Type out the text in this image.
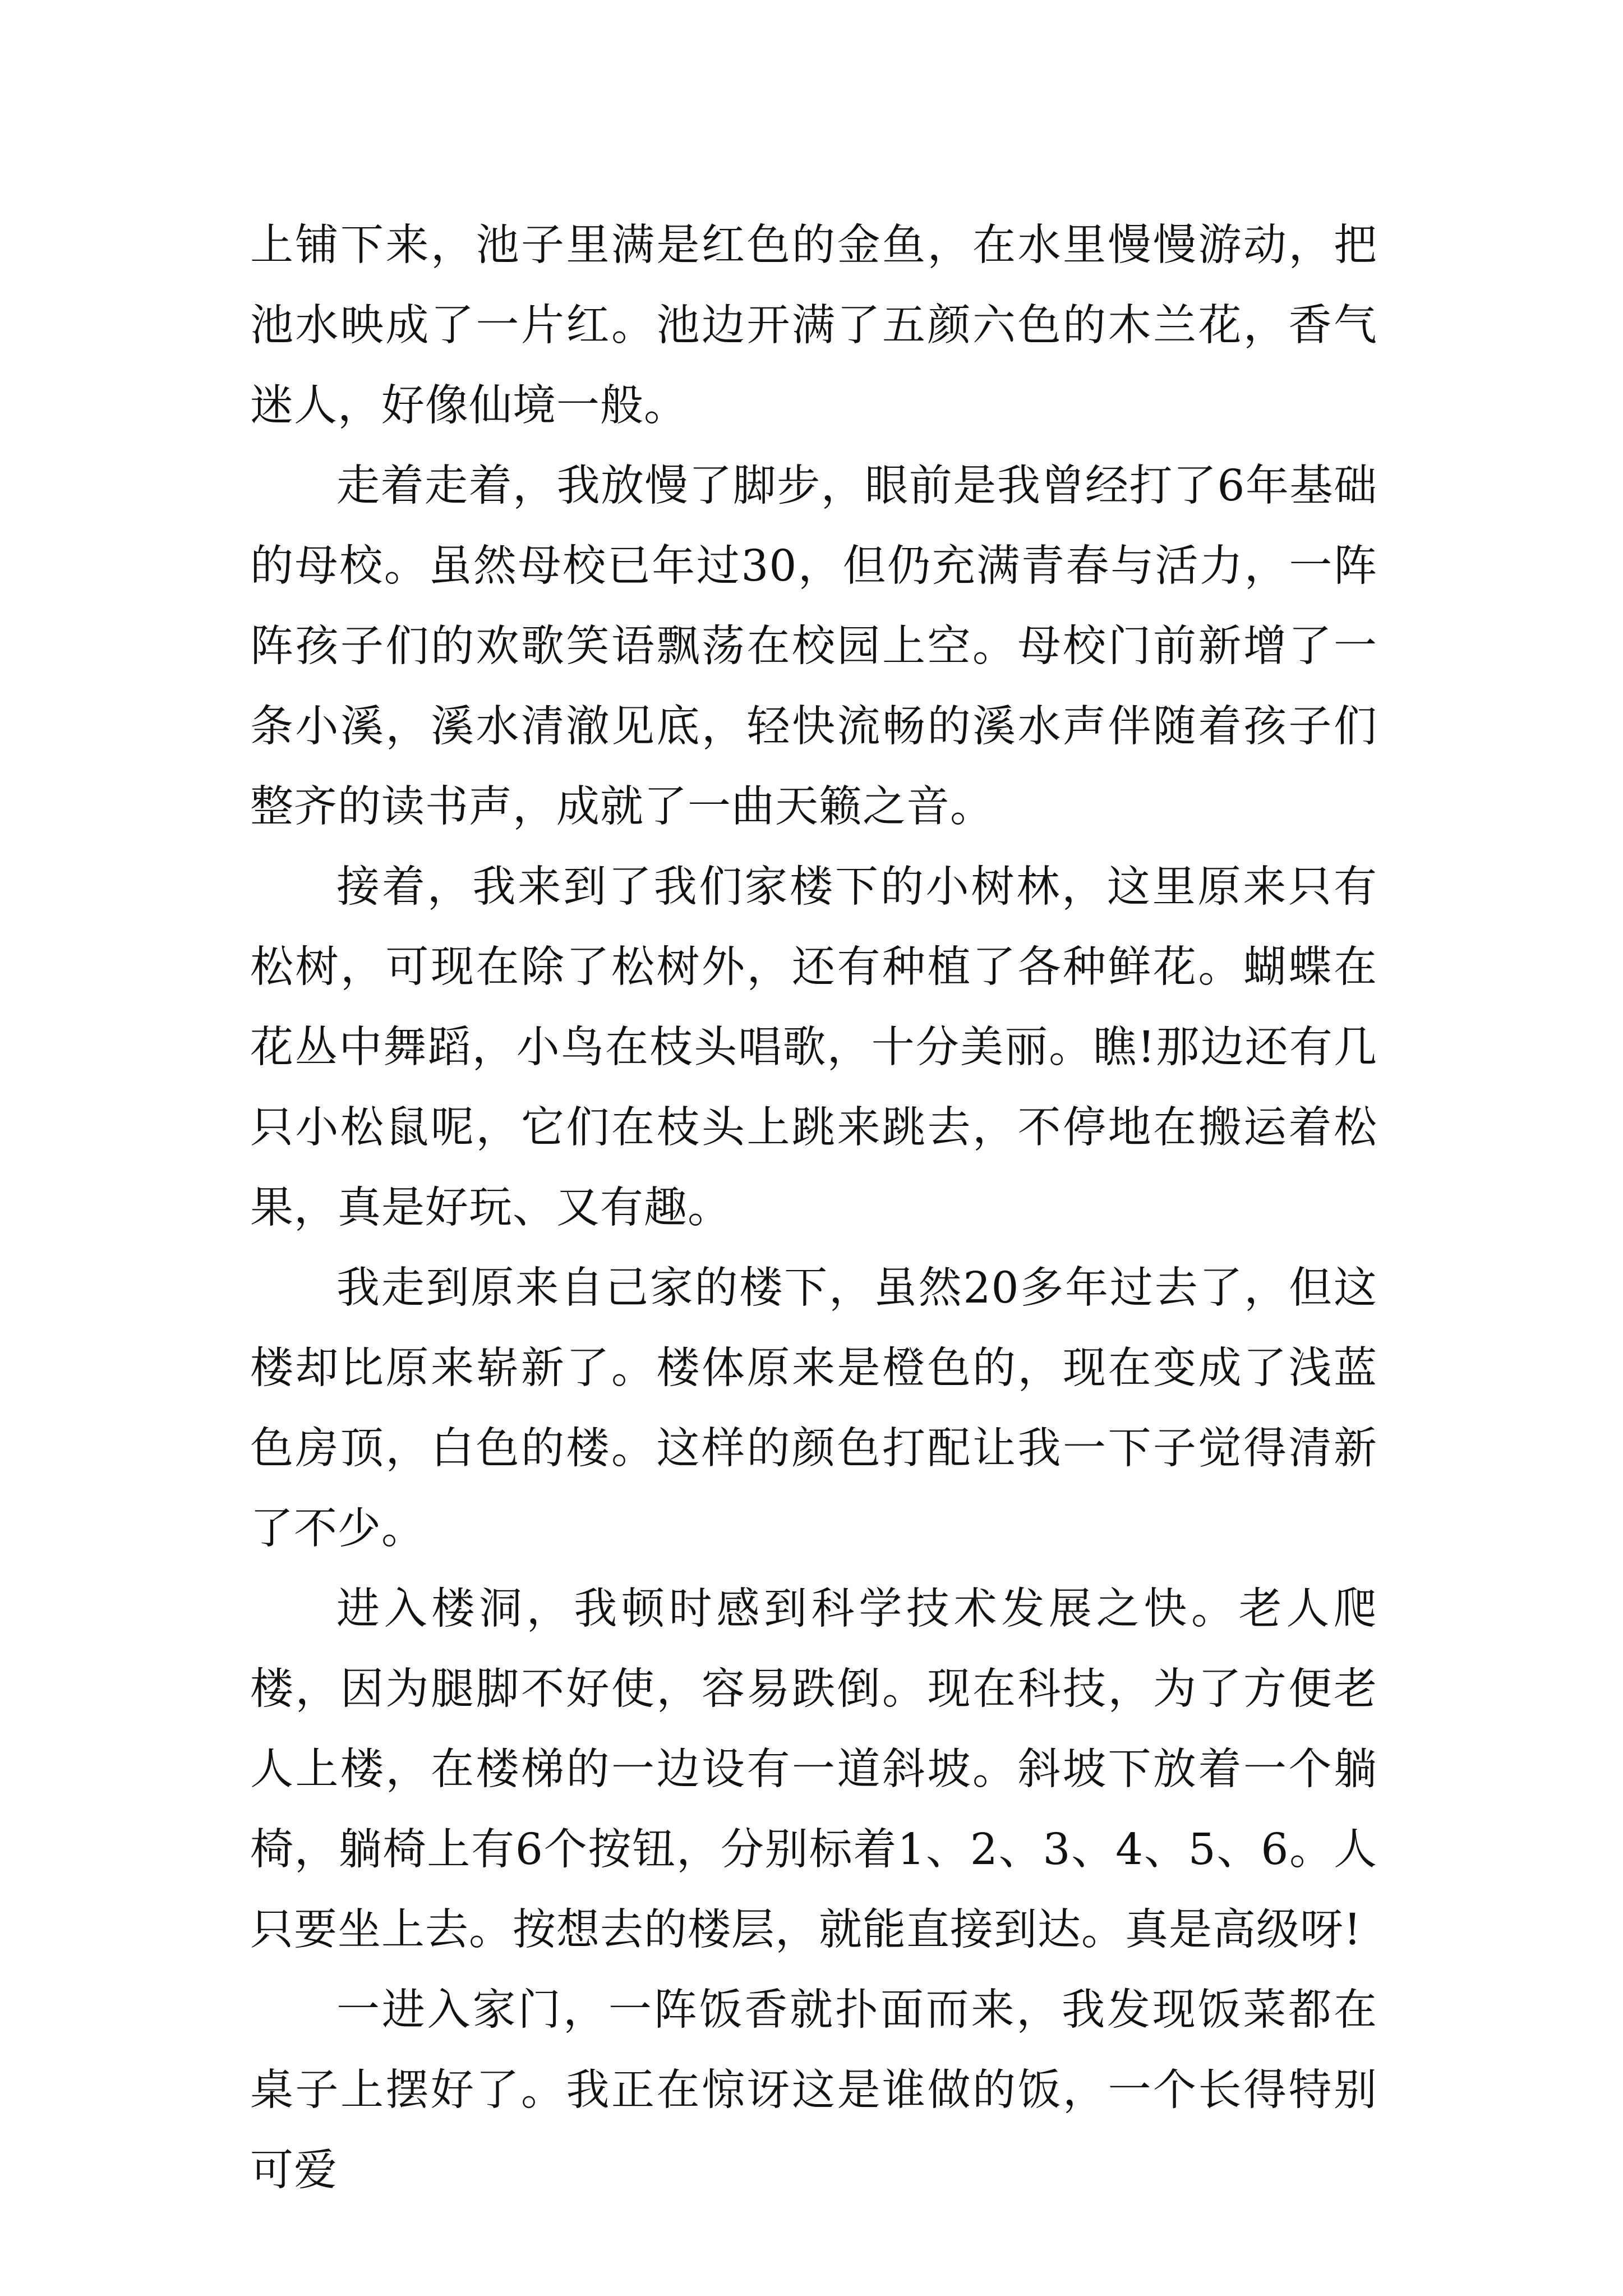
上铺下来，池子里满是红色的金鱼，在水里慢慢游动，把池水映成了一片红。池边开满了五颜六色的木兰花，香气迷人，好像仙境一般。

走着走着，我放慢了脚步，眼前是我曾经打了6年基础的母校。虽然母校已年过30，但仍充满青春与活力，一阵阵孩子们的欢歌笑语飘荡在校园上空。母校门前新增了一条小溪，溪水清澈见底，轻快流畅的溪水声伴随着孩子们整齐的读书声，成就了一曲天籁之音。

接着，我来到了我们家楼下的小树林，这里原来只有松树，可现在除了松树外，还有种植了各种鲜花。蝴蝶在花丛中舞蹈，小鸟在枝头唱歌，十分美丽。瞧!那边还有几只小松鼠呢，它们在枝头上跳来跳去，不停地在搬运着松果，真是好玩、又有趣。

我走到原来自己家的楼下，虽然20多年过去了，但这楼却比原来崭新了。楼体原来是橙色的，现在变成了浅蓝色房顶，白色的楼。这样的颜色打配让我一下子觉得清新了不少。

进入楼洞，我顿时感到科学技术发展之快。老人爬楼，因为腿脚不好使，容易跌倒。现在科技，为了方便老人上楼，在楼梯的一边设有一道斜坡。斜坡下放着一个躺椅，躺椅上有6个按钮，分别标着1、2、3、4、5、6。人只要坐上去。按想去的楼层，就能直接到达。真是高级呀!

一进入家门，一阵饭香就扑面而来，我发现饭菜都在桌子上摆好了。我正在惊讶这是谁做的饭，一个长得特别可爱
